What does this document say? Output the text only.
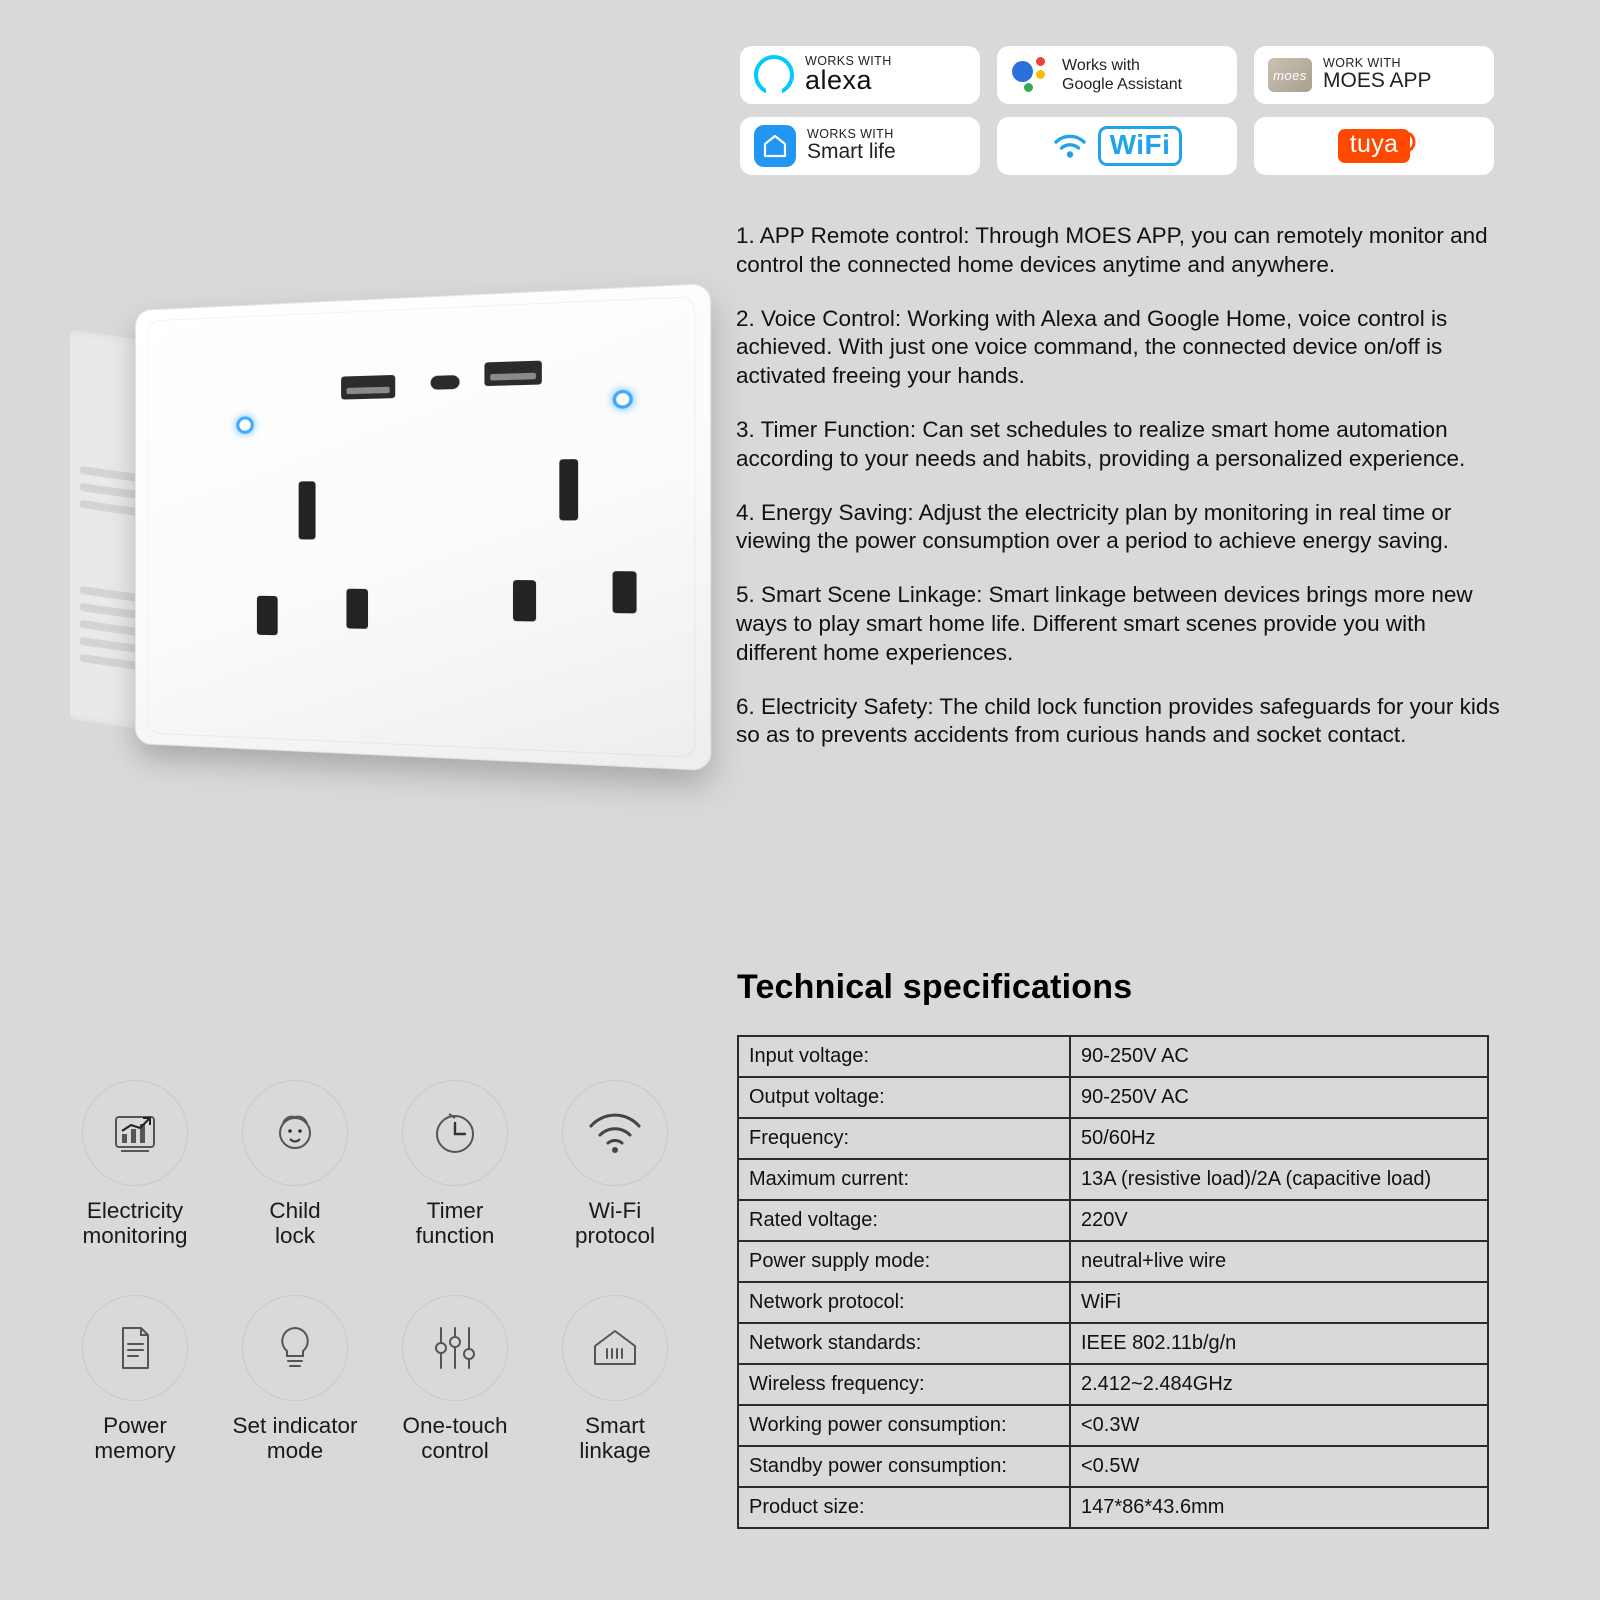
WORKS WITH
alexa	Works with
Google Assistant
moes
WORK WITH
MOES APP
WORKS WITH
Smart life	WiFi	tuya

1. APP Remote control: Through MOES APP, you can remotely monitor and control the connected home devices anytime and anywhere.

2. Voice Control: Working with Alexa and Google Home, voice control is achieved. With just one voice command, the connected device on/off is activated freeing your hands.

3. Timer Function: Can set schedules to realize smart home automation according to your needs and habits, providing a personalized experience.

4. Energy Saving: Adjust the electricity plan by monitoring in real time or viewing the power consumption over a period to achieve energy saving.

5. Smart Scene Linkage: Smart linkage between devices brings more new ways to play smart home life. Different smart scenes provide you with different home experiences.

6. Electricity Safety: The child lock function provides safeguards for your kids so as to prevents accidents from curious hands and socket contact.

Technical specifications
Input voltage:	90-250V AC
Output voltage:	90-250V AC
Frequency:	50/60Hz
Maximum current:	13A (resistive load)/2A (capacitive load)
Rated voltage:	220V
Power supply mode:	neutral+live wire
Network protocol:	WiFi
Network standards:	IEEE 802.11b/g/n
Wireless frequency:	2.412~2.484GHz
Working power consumption:	<0.3W
Standby power consumption:	<0.5W
Product size:	147*86*43.6mm
Electricity
monitoring
Child
lock
Timer
function
Wi-Fi
protocol
Power
memory
Set indicator
mode
One-touch
control
Smart
linkage
